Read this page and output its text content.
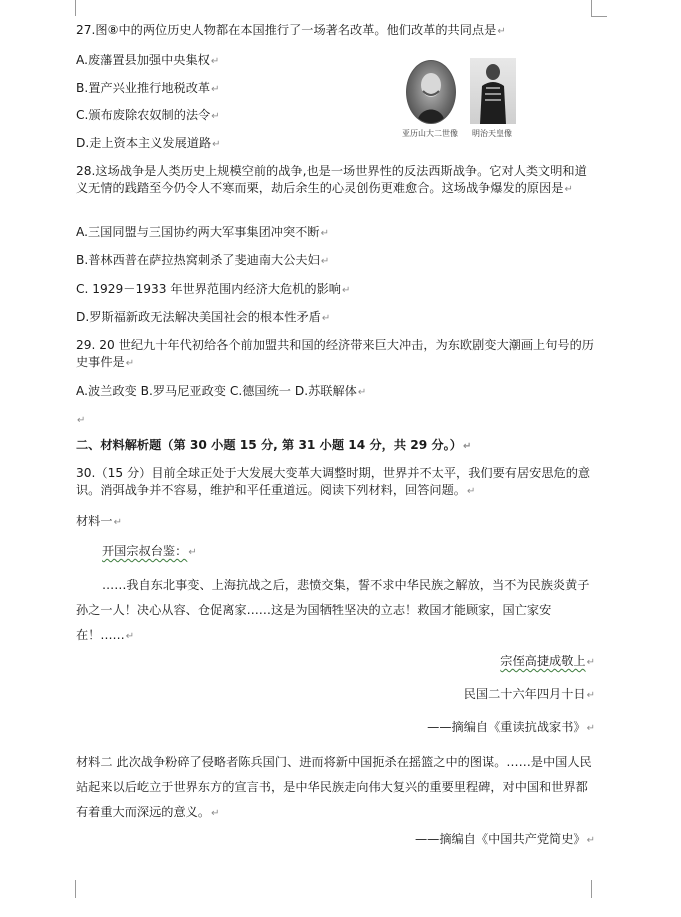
27.图⑧中的两位历史人物都在本国推行了一场著名改革。他们改革的共同点是↵
A.废藩置县加强中央集权↵
B.置产兴业推行地税改革↵
C.颁布废除农奴制的法令↵
D.走上资本主义发展道路↵
亚历山大二世像 明治天皇像
28.这场战争是人类历史上规模空前的战争,也是一场世界性的反法西斯战争。它对人类文明和道义无情的践踏至今仍令人不寒而栗，劫后余生的心灵创伤更难愈合。这场战争爆发的原因是↵
A.三国同盟与三国协约两大军事集团冲突不断↵
B.普林西普在萨拉热窝刺杀了斐迪南大公夫妇↵
C. 1929－1933 年世界范围内经济大危机的影响↵
D.罗斯福新政无法解决美国社会的根本性矛盾↵
29. 20 世纪九十年代初给各个前加盟共和国的经济带来巨大冲击，为东欧剧变大潮画上句号的历史事件是↵
A.波兰政变 B.罗马尼亚政变 C.德国统一 D.苏联解体↵
↵
二、材料解析题（第 30 小题 15 分, 第 31 小题 14 分，共 29 分。）↵
30.（15 分）目前全球正处于大发展大变革大调整时期，世界并不太平，我们要有居安思危的意识。消弭战争并不容易，维护和平任重道远。阅读下列材料，回答问题。↵
材料一↵
开国宗叔台鉴：↵
……我自东北事变、上海抗战之后，悲愤交集，誓不求中华民族之解放，当不为民族炎黄子孙之一人！决心从容、仓促离家……这是为国牺牲坚决的立志！救国才能顾家，国亡家安在！……↵
宗侄高捷成敬上↵
民国二十六年四月十日↵
——摘编自《重读抗战家书》↵
材料二 此次战争粉碎了侵略者陈兵国门、进而将新中国扼杀在摇篮之中的图谋。……是中国人民站起来以后屹立于世界东方的宣言书，是中华民族走向伟大复兴的重要里程碑，对中国和世界都有着重大而深远的意义。↵
——摘编自《中国共产党简史》↵
